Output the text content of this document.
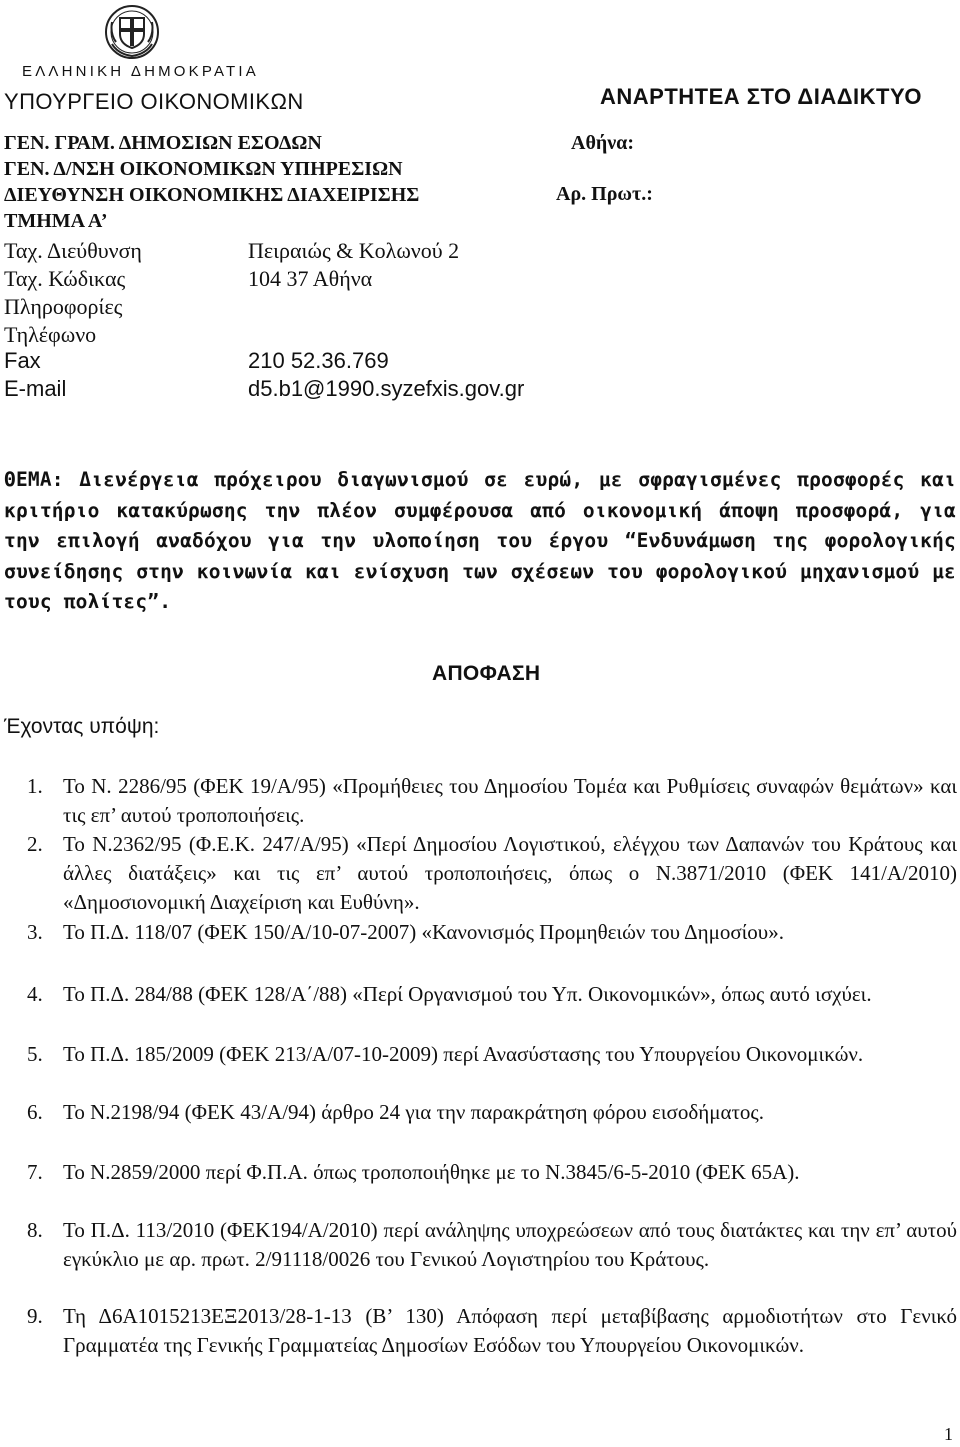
ΕΛΛΗΝΙΚΗ ΔΗΜΟΚΡΑΤΙΑ
ΥΠΟΥΡΓΕΙΟ ΟΙΚΟΝΟΜΙΚΩΝ	ΑΝΑΡΤΗΤΕΑ ΣΤΟ ΔΙΑΔΙΚΤΥΟ
ΓΕΝ. ΓΡΑΜ. ΔΗΜΟΣΙΩΝ ΕΣΟΔΩΝ
ΓΕΝ. Δ/ΝΣΗ ΟΙΚΟΝΟΜΙΚΩΝ ΥΠΗΡΕΣΙΩΝ
ΔΙΕΥΘΥΝΣΗ ΟΙΚΟΝΟΜΙΚΗΣ ΔΙΑΧΕΙΡΙΣΗΣ
ΤΜΗΜΑ Α’
Αθήνα:
Αρ. Πρωτ.:
Ταχ. Διεύθυνση	Πειραιώς & Κολωνού 2
Ταχ. Κώδικας	104 37 Αθήνα
Πληροφορίες
Τηλέφωνο
Fax	210 52.36.769
E-mail	d5.b1@1990.syzefxis.gov.gr
ΘΕΜΑ: Διενέργεια πρόχειρου διαγωνισμού σε ευρώ, με σφραγισμένες προσφορές και κριτήριο κατακύρωσης την πλέον συμφέρουσα από οικονομική άποψη προσφορά, για την επιλογή αναδόχου για την υλοποίηση του έργου “Ενδυνάμωση της φορολογικής συνείδησης στην κοινωνία και ενίσχυση των σχέσεων του φορολογικού μηχανισμού με τους πολίτες”.
ΑΠΟΦΑΣΗ
Έχοντας υπόψη:
1. Το Ν. 2286/95 (ΦΕΚ 19/Α/95) «Προμήθειες του Δημοσίου Τομέα και Ρυθμίσεις συναφών θεμάτων» και τις επ’ αυτού τροποποιήσεις.
2. Το Ν.2362/95 (Φ.Ε.Κ. 247/Α/95) «Περί Δημοσίου Λογιστικού, ελέγχου των Δαπανών του Κράτους και άλλες διατάξεις» και τις επ’ αυτού τροποποιήσεις, όπως ο Ν.3871/2010 (ΦΕΚ 141/Α/2010) «Δημοσιονομική Διαχείριση και Ευθύνη».
3. Το Π.Δ. 118/07 (ΦΕΚ 150/Α/10-07-2007) «Κανονισμός Προμηθειών του Δημοσίου».
4. Το Π.Δ. 284/88 (ΦΕΚ 128/Α΄/88) «Περί Οργανισμού του Υπ. Οικονομικών», όπως αυτό ισχύει.
5. Το Π.Δ. 185/2009 (ΦΕΚ 213/Α/07-10-2009) περί Ανασύστασης του Υπουργείου Οικονομικών.
6. Το Ν.2198/94 (ΦΕΚ 43/Α/94) άρθρο 24 για την παρακράτηση φόρου εισοδήματος.
7. Το Ν.2859/2000 περί Φ.Π.Α. όπως τροποποιήθηκε με το Ν.3845/6-5-2010 (ΦΕΚ 65Α).
8. Το Π.Δ. 113/2010 (ΦΕΚ194/Α/2010) περί ανάληψης υποχρεώσεων από τους διατάκτες και την επ’ αυτού εγκύκλιο με αρ. πρωτ. 2/91118/0026 του Γενικού Λογιστηρίου του Κράτους.
9. Τη Δ6Α1015213ΕΞ2013/28-1-13 (Β’ 130) Απόφαση περί μεταβίβασης αρμοδιοτήτων στο Γενικό Γραμματέα της Γενικής Γραμματείας Δημοσίων Εσόδων του Υπουργείου Οικονομικών.
1
